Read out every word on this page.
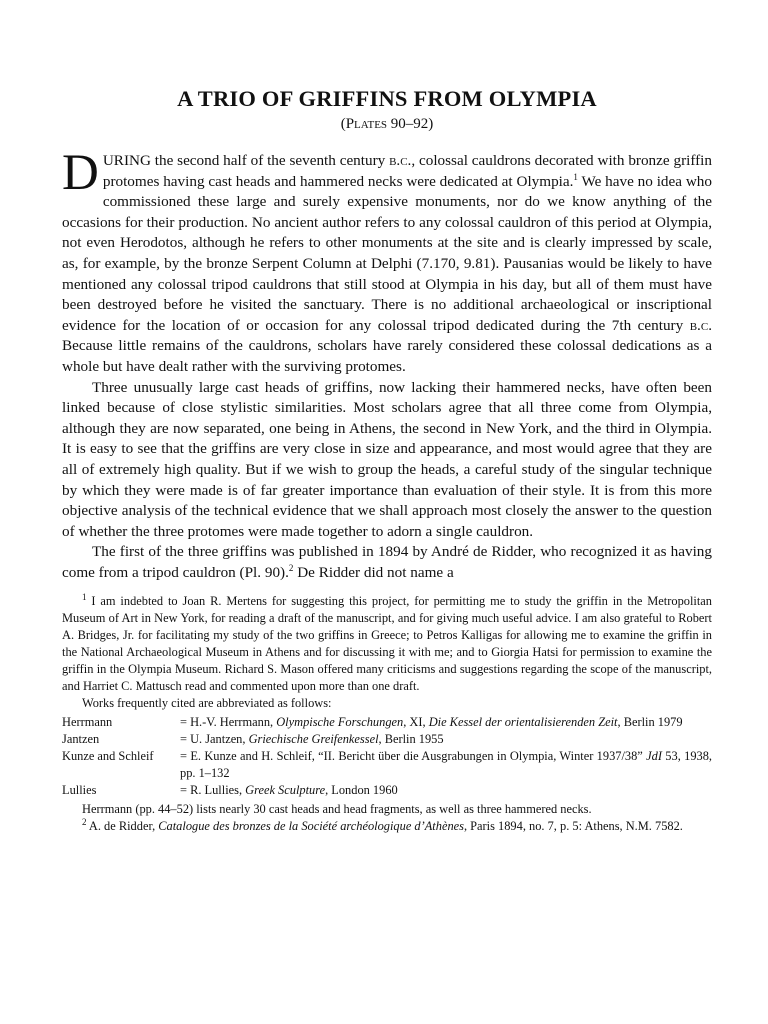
A TRIO OF GRIFFINS FROM OLYMPIA
(Plates 90–92)

DURING the second half of the seventh century b.c., colossal cauldrons decorated with bronze griffin protomes having cast heads and hammered necks were dedicated at Olympia.$^1$ We have no idea who commissioned these large and surely expensive monuments, nor do we know anything of the occasions for their production. No ancient author refers to any colossal cauldron of this period at Olympia, not even Herodotos, although he refers to other monuments at the site and is clearly impressed by scale, as, for example, by the bronze Serpent Column at Delphi (7.170, 9.81). Pausanias would be likely to have mentioned any colossal tripod cauldrons that still stood at Olympia in his day, but all of them must have been destroyed before he visited the sanctuary. There is no additional archaeological or inscriptional evidence for the location of or occasion for any colossal tripod dedicated during the 7th century b.c. Because little remains of the cauldrons, scholars have rarely considered these colossal dedications as a whole but have dealt rather with the surviving protomes.

Three unusually large cast heads of griffins, now lacking their hammered necks, have often been linked because of close stylistic similarities. Most scholars agree that all three come from Olympia, although they are now separated, one being in Athens, the second in New York, and the third in Olympia. It is easy to see that the griffins are very close in size and appearance, and most would agree that they are all of extremely high quality. But if we wish to group the heads, a careful study of the singular technique by which they were made is of far greater importance than evaluation of their style. It is from this more objective analysis of the technical evidence that we shall approach most closely the answer to the question of whether the three protomes were made together to adorn a single cauldron.

The first of the three griffins was published in 1894 by André de Ridder, who recognized it as having come from a tripod cauldron (Pl. 90).$^2$ De Ridder did not name a

$^1$ I am indebted to Joan R. Mertens for suggesting this project, for permitting me to study the griffin in the Metropolitan Museum of Art in New York, for reading a draft of the manuscript, and for giving much useful advice. I am also grateful to Robert A. Bridges, Jr. for facilitating my study of the two griffins in Greece; to Petros Kalligas for allowing me to examine the griffin in the National Archaeological Museum in Athens and for discussing it with me; and to Giorgia Hatsi for permission to examine the griffin in the Olympia Museum. Richard S. Mason offered many criticisms and suggestions regarding the scope of the manuscript, and Harriet C. Mattusch read and commented upon more than one draft.

Works frequently cited are abbreviated as follows:

Herrmann	= H.-V. Herrmann, Olympische Forschungen, XI, Die Kessel der orientalisierenden Zeit, Berlin 1979
Jantzen	= U. Jantzen, Griechische Greifenkessel, Berlin 1955
Kunze and Schleif	= E. Kunze and H. Schleif, “II. Bericht über die Ausgrabungen in Olympia, Winter 1937/38” JdI 53, 1938, pp. 1–132
Lullies	= R. Lullies, Greek Sculpture, London 1960

Herrmann (pp. 44–52) lists nearly 30 cast heads and head fragments, as well as three hammered necks.

$^2$ A. de Ridder, Catalogue des bronzes de la Société archéologique d’Athènes, Paris 1894, no. 7, p. 5: Athens, N.M. 7582.
